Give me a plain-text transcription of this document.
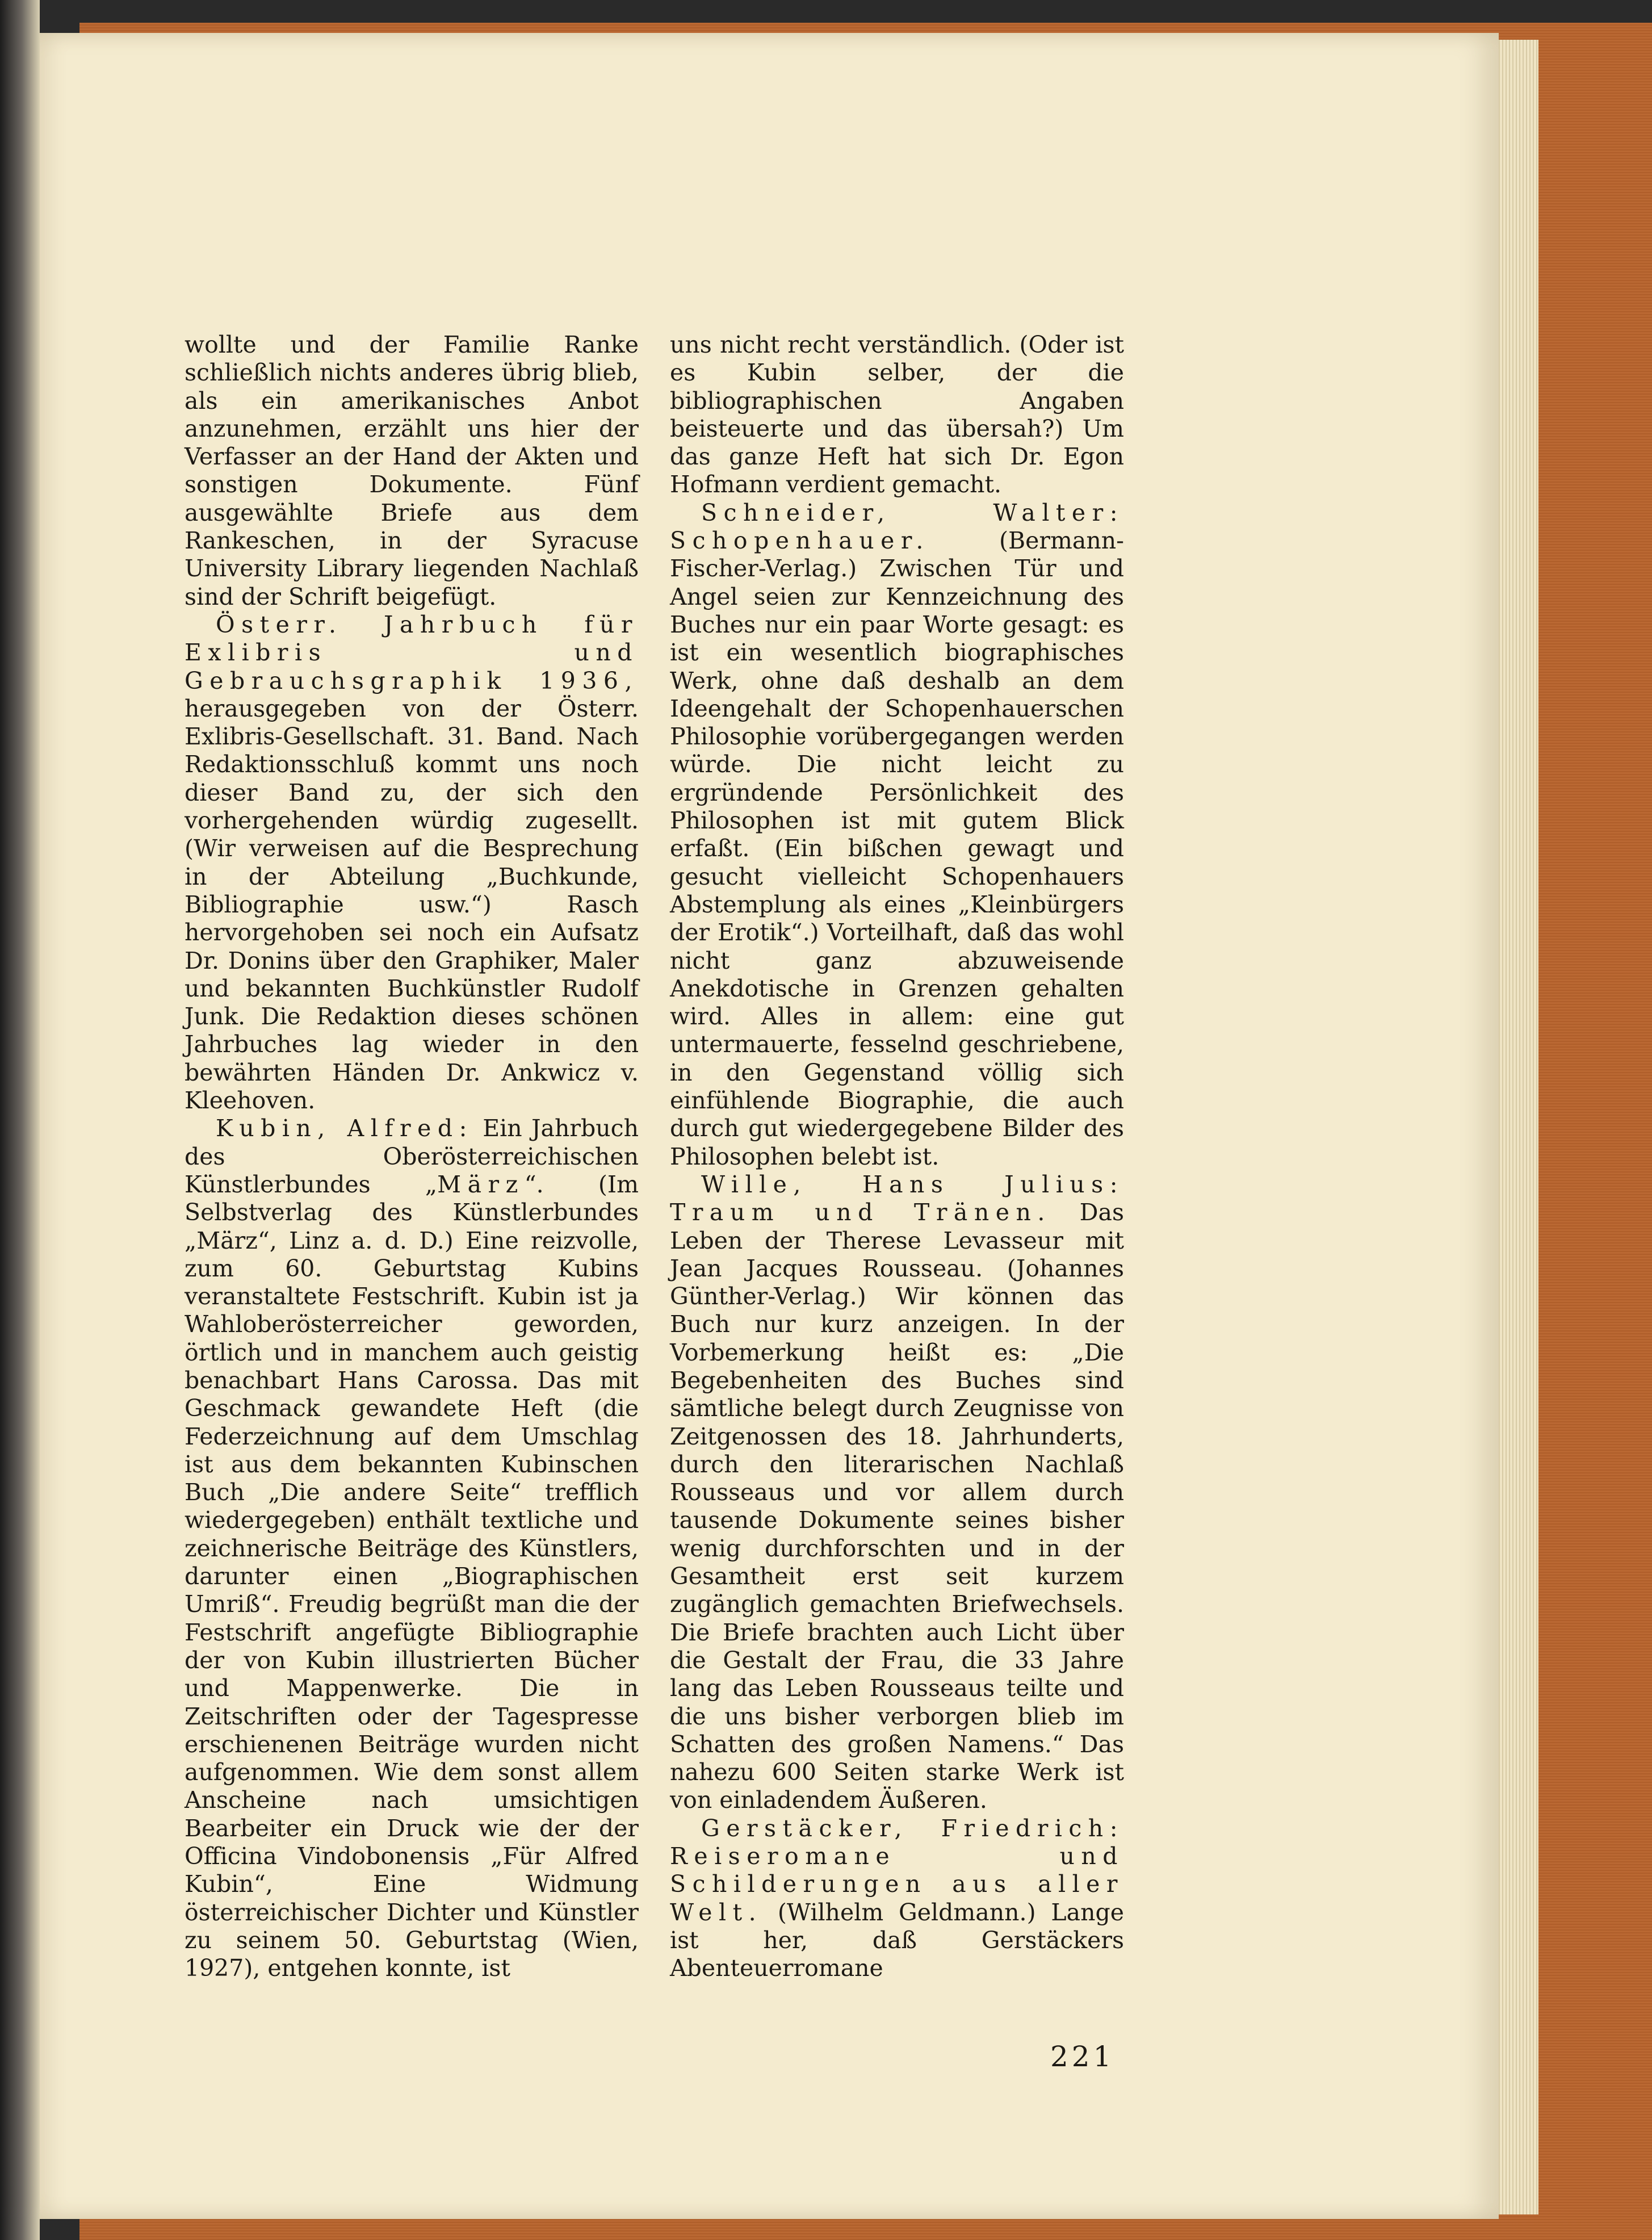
wollte und der Familie Ranke schließlich nichts anderes übrig blieb, als ein amerikanisches Anbot anzunehmen, erzählt uns hier der Verfasser an der Hand der Akten und sonstigen Dokumente. Fünf ausgewählte Briefe aus dem Rankeschen, in der Syracuse University Library liegenden Nachlaß sind der Schrift beigefügt.

Österr. Jahrbuch für Exlibris und Gebrauchsgraphik 1936, herausgegeben von der Österr. Exlibris-Gesellschaft. 31. Band. Nach Redaktionsschluß kommt uns noch dieser Band zu, der sich den vorhergehenden würdig zugesellt. (Wir verweisen auf die Besprechung in der Abteilung „Buchkunde, Bibliographie usw.“) Rasch hervorgehoben sei noch ein Aufsatz Dr. Donins über den Graphiker, Maler und bekannten Buchkünstler Rudolf Junk. Die Redaktion dieses schönen Jahrbuches lag wieder in den bewährten Händen Dr. Ankwicz v. Kleehoven.

Kubin, Alfred: Ein Jahrbuch des Oberösterreichischen Künstlerbundes „März“. (Im Selbstverlag des Künstlerbundes „März“, Linz a. d. D.) Eine reizvolle, zum 60. Geburtstag Kubins veranstaltete Festschrift. Kubin ist ja Wahloberösterreicher geworden, örtlich und in manchem auch geistig benachbart Hans Carossa. Das mit Geschmack gewandete Heft (die Federzeichnung auf dem Umschlag ist aus dem bekannten Kubinschen Buch „Die andere Seite“ trefflich wiedergegeben) enthält textliche und zeichnerische Beiträge des Künstlers, darunter einen „Biographischen Umriß“. Freudig begrüßt man die der Festschrift angefügte Bibliographie der von Kubin illustrierten Bücher und Mappenwerke. Die in Zeitschriften oder der Tagespresse erschienenen Beiträge wurden nicht aufgenommen. Wie dem sonst allem Anscheine nach umsichtigen Bearbeiter ein Druck wie der der Officina Vindobonensis „Für Alfred Kubin“, Eine Widmung österreichischer Dichter und Künstler zu seinem 50. Geburtstag (Wien, 1927), entgehen konnte, ist

uns nicht recht verständlich. (Oder ist es Kubin selber, der die bibliographischen Angaben beisteuerte und das übersah?) Um das ganze Heft hat sich Dr. Egon Hofmann verdient gemacht.

Schneider, Walter: Schopenhauer. (Bermann-Fischer-Verlag.) Zwischen Tür und Angel seien zur Kennzeichnung des Buches nur ein paar Worte gesagt: es ist ein wesentlich biographisches Werk, ohne daß deshalb an dem Ideengehalt der Schopenhauerschen Philosophie vorübergegangen werden würde. Die nicht leicht zu ergründende Persönlichkeit des Philosophen ist mit gutem Blick erfaßt. (Ein bißchen gewagt und gesucht vielleicht Schopenhauers Abstemplung als eines „Kleinbürgers der Erotik“.) Vorteilhaft, daß das wohl nicht ganz abzuweisende Anekdotische in Grenzen gehalten wird. Alles in allem: eine gut untermauerte, fesselnd geschriebene, in den Gegenstand völlig sich einfühlende Biographie, die auch durch gut wiedergegebene Bilder des Philosophen belebt ist.

Wille, Hans Julius: Traum und Tränen. Das Leben der Therese Levasseur mit Jean Jacques Rousseau. (Johannes Günther-Verlag.) Wir können das Buch nur kurz anzeigen. In der Vorbemerkung heißt es: „Die Begebenheiten des Buches sind sämtliche belegt durch Zeugnisse von Zeitgenossen des 18. Jahrhunderts, durch den literarischen Nachlaß Rousseaus und vor allem durch tausende Dokumente seines bisher wenig durchforschten und in der Gesamtheit erst seit kurzem zugänglich gemachten Briefwechsels. Die Briefe brachten auch Licht über die Gestalt der Frau, die 33 Jahre lang das Leben Rousseaus teilte und die uns bisher verborgen blieb im Schatten des großen Namens.“ Das nahezu 600 Seiten starke Werk ist von einladendem Äußeren.

Gerstäcker, Friedrich: Reiseromane und Schilderungen aus aller Welt. (Wilhelm Geldmann.) Lange ist her, daß Gerstäckers Abenteuerromane

221
